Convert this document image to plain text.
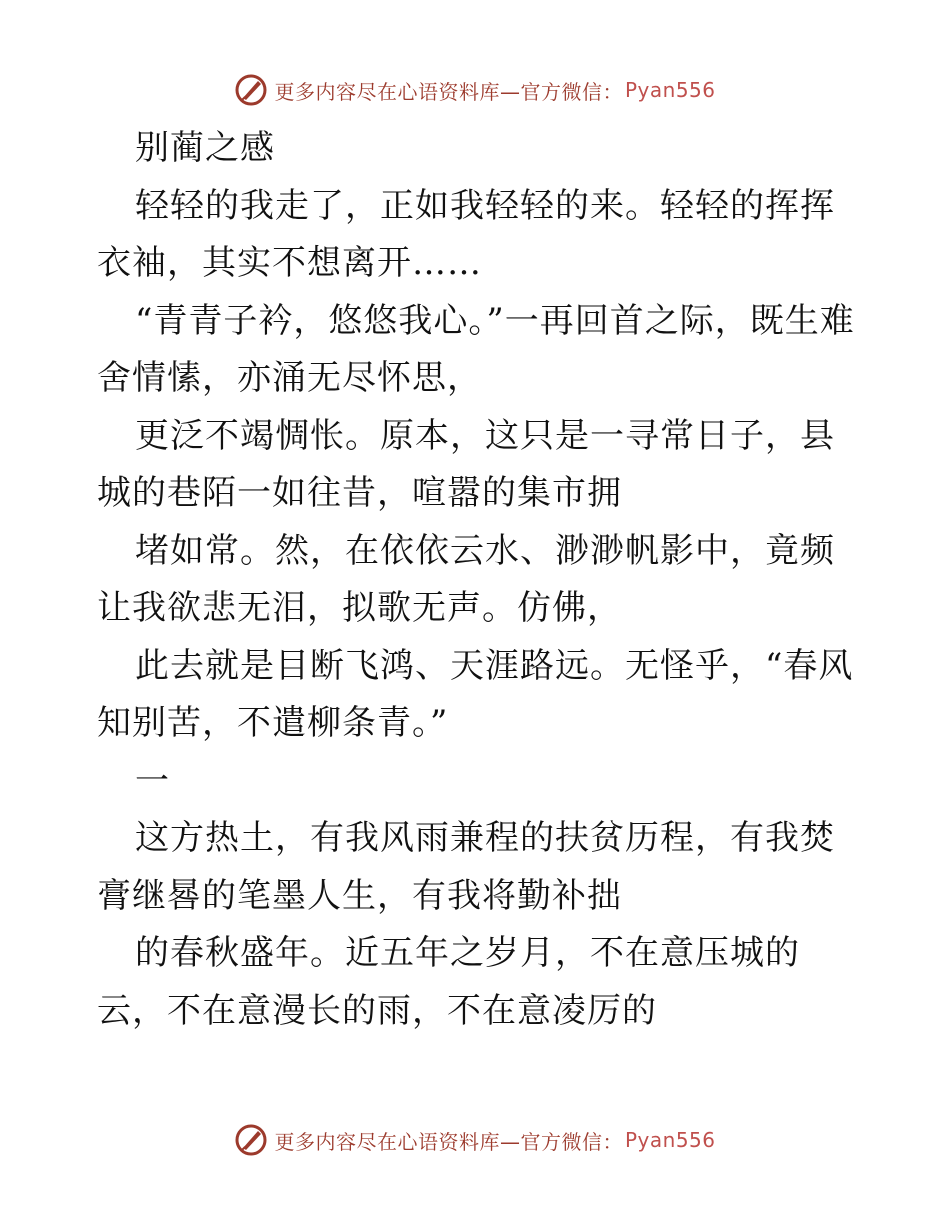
更多内容尽在心语资料库—官方微信： Pyan556

别蔺之感

轻轻的我走了，正如我轻轻的来。轻轻的挥挥衣袖，其实不想离开……

“青青子衿，悠悠我心。”一再回首之际，既生难舍情愫，亦涌无尽怀思，

更泛不竭惆怅。原本，这只是一寻常日子，县城的巷陌一如往昔，喧嚣的集市拥

堵如常。然，在依依云水、渺渺帆影中，竟频让我欲悲无泪，拟歌无声。仿佛，

此去就是目断飞鸿、天涯路远。无怪乎，“春风知别苦，不遣柳条青。”

一

这方热土，有我风雨兼程的扶贫历程，有我焚膏继晷的笔墨人生，有我将勤补拙

的春秋盛年。近五年之岁月，不在意压城的云，不在意漫长的雨，不在意凌厉的

更多内容尽在心语资料库—官方微信： Pyan556
